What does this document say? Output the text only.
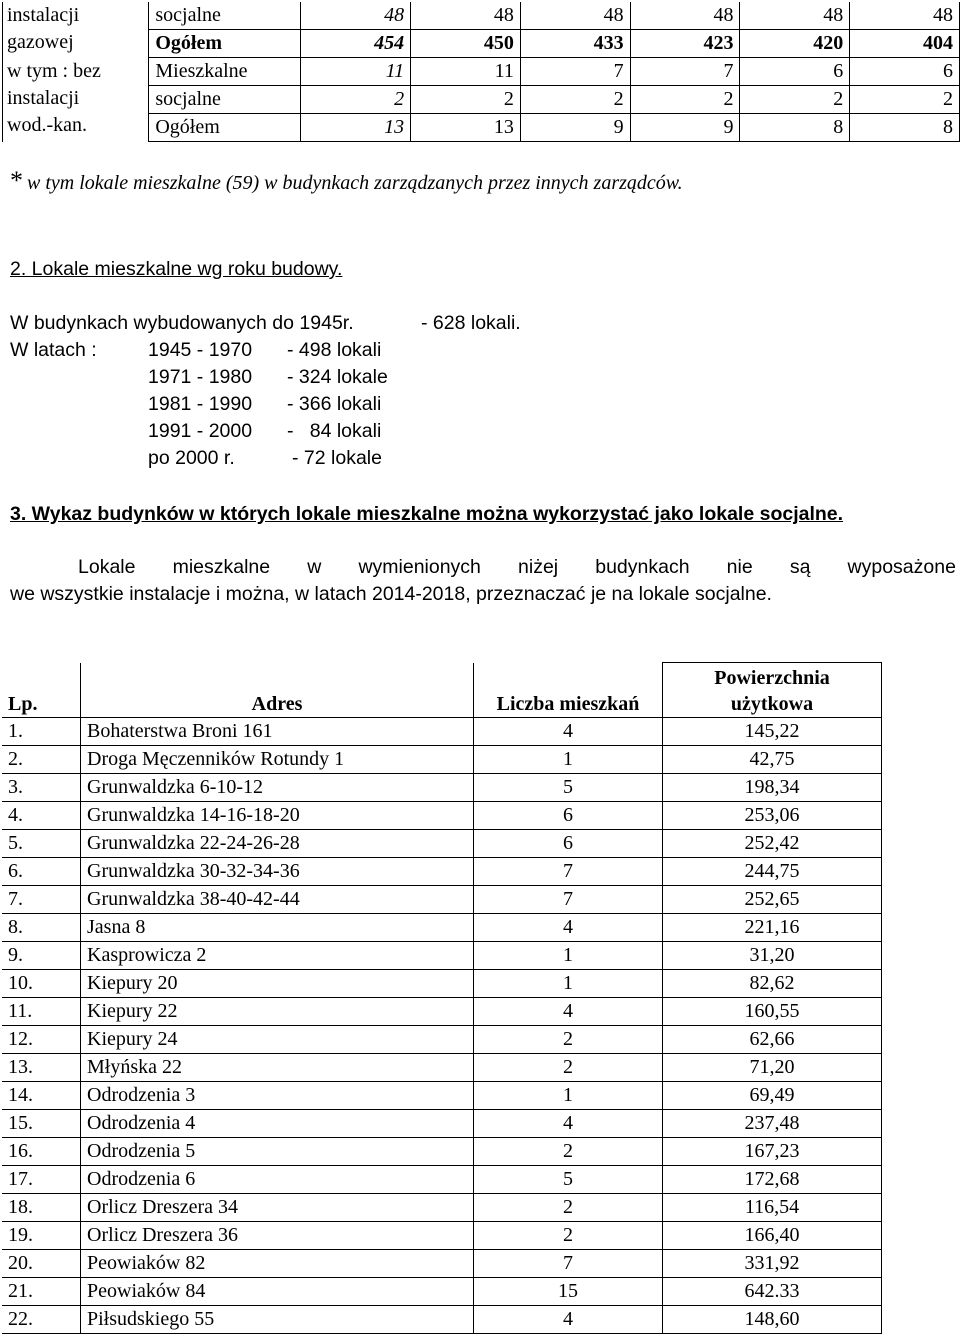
instalacji
gazowej	socjalne	48	48	48	48	48	48
	Ogółem	454	450	433	423	420	404

w tym : bez
instalacji
wod.-kan.	Mieszkalne	11	11	7	7	6	6
	socjalne	2	2	2	2	2	2
	Ogółem	13	13	9	9	8	8
* w tym lokale mieszkalne (59) w budynkach zarządzanych przez innych zarządców.
2. Lokale mieszkalne wg roku budowy.
W budynkach wybudowanych do 1945r.	- 628 lokali.
W latach :	1945 - 1970 - 498 lokali
1971 - 1980 - 324 lokale
1981 - 1990 - 366 lokali
1991 - 2000 -   84 lokali
po 2000 r.	- 72 lokale
3. Wykaz budynków w których lokale mieszkalne można wykorzystać jako lokale socjalne.
Lokale mieszkalne w wymienionych niżej budynkach nie są wyposażone
we wszystkie instalacje i można, w latach 2014-2018, przeznaczać je na lokale socjalne.
Lp.	Adres	Liczba mieszkań	Powierzchnia
użytkowa
1.	Bohaterstwa Broni 161	4	145,22
2.	Droga Męczenników Rotundy 1	1	42,75
3.	Grunwaldzka 6-10-12	5	198,34
4.	Grunwaldzka 14-16-18-20	6	253,06
5.	Grunwaldzka 22-24-26-28	6	252,42
6.	Grunwaldzka 30-32-34-36	7	244,75
7.	Grunwaldzka 38-40-42-44	7	252,65
8.	Jasna 8	4	221,16
9.	Kasprowicza 2	1	31,20
10.	Kiepury 20	1	82,62
11.	Kiepury 22	4	160,55
12.	Kiepury 24	2	62,66
13.	Młyńska 22	2	71,20
14.	Odrodzenia 3	1	69,49
15.	Odrodzenia 4	4	237,48
16.	Odrodzenia 5	2	167,23
17.	Odrodzenia 6	5	172,68
18.	Orlicz Dreszera 34	2	116,54
19.	Orlicz Dreszera 36	2	166,40
20.	Peowiaków 82	7	331,92
21.	Peowiaków 84	15	642.33
22.	Piłsudskiego 55	4	148,60
